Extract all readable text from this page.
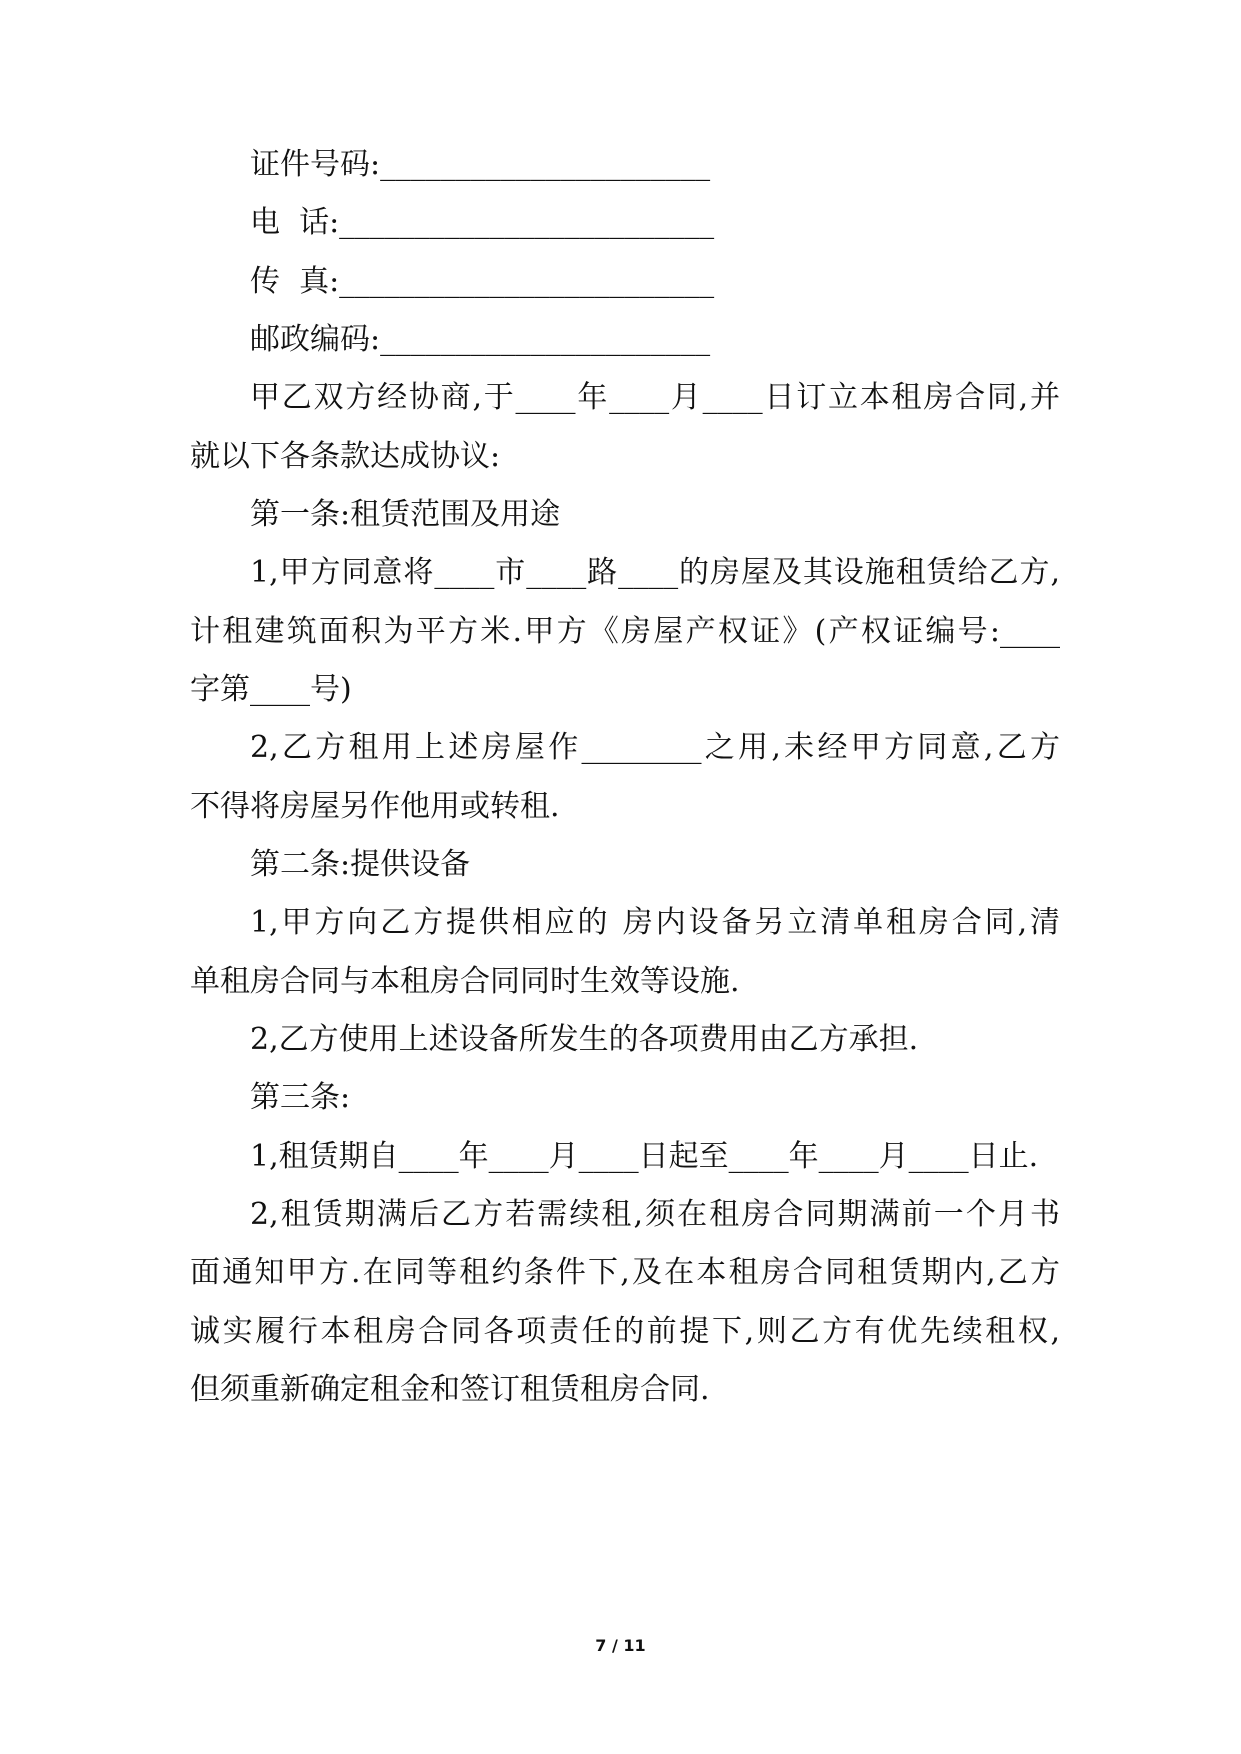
证件号码:______________________
电  话:_________________________
传  真:_________________________
邮政编码:______________________
甲乙双方经协商,于____年____月____日订立本租房合同,并
就以下各条款达成协议:
第一条:租赁范围及用途
1,甲方同意将____市____路____的房屋及其设施租赁给乙方,
计租建筑面积为平方米.甲方《房屋产权证》(产权证编号:____
字第____号)
2,乙方租用上述房屋作________之用,未经甲方同意,乙方
不得将房屋另作他用或转租.
第二条:提供设备
1,甲方向乙方提供相应的 房内设备另立清单租房合同,清
单租房合同与本租房合同同时生效等设施.
2,乙方使用上述设备所发生的各项费用由乙方承担.
第三条:
1,租赁期自____年____月____日起至____年____月____日止.
2,租赁期满后乙方若需续租,须在租房合同期满前一个月书
面通知甲方.在同等租约条件下,及在本租房合同租赁期内,乙方
诚实履行本租房合同各项责任的前提下,则乙方有优先续租权,
但须重新确定租金和签订租赁租房合同.
7 / 11
